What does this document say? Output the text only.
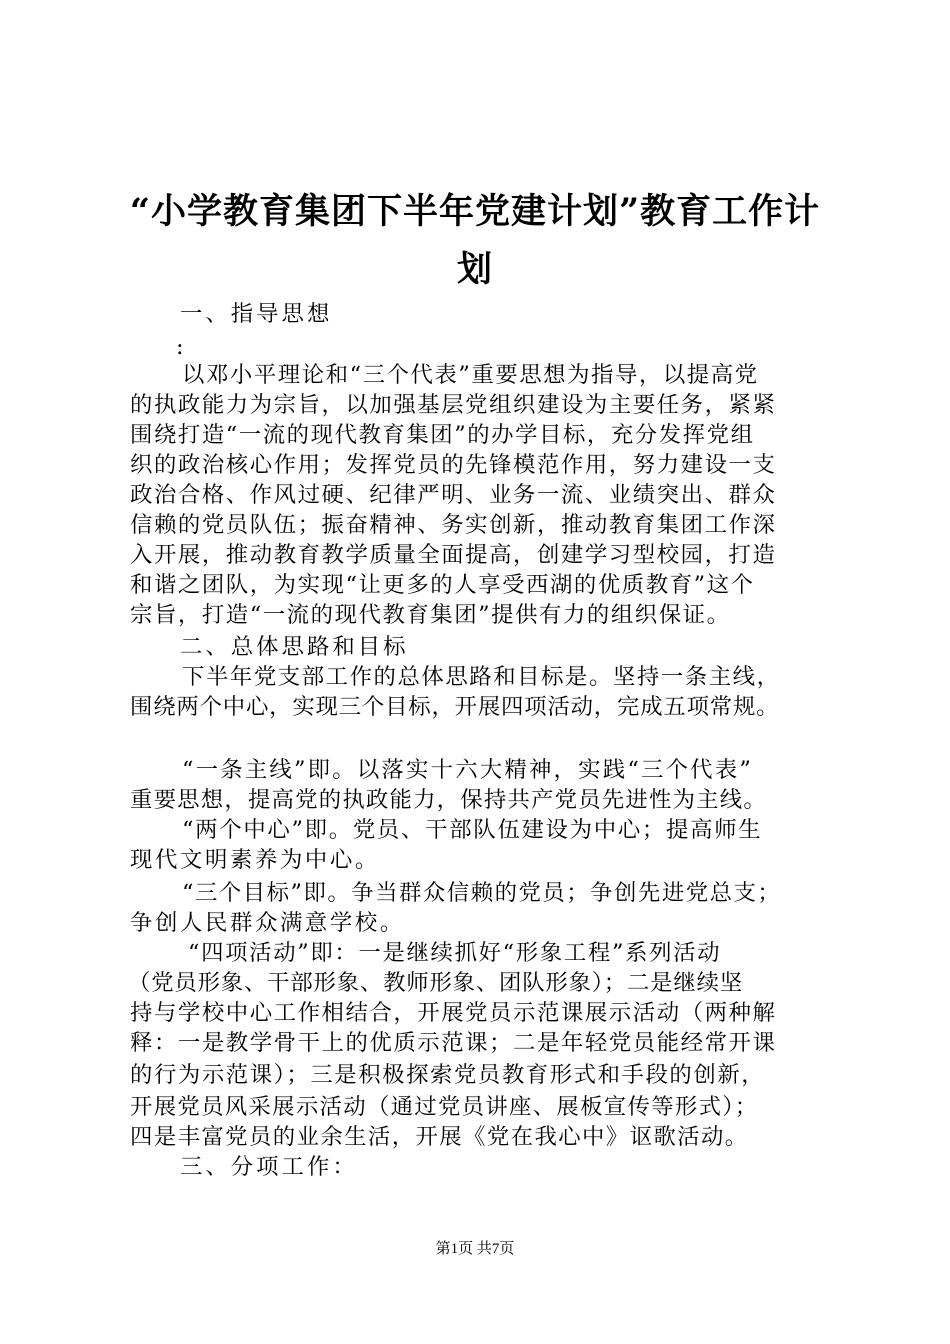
“小学教育集团下半年党建计划”教育工作计
划
一、指导思想
:
以邓小平理论和“三个代表”重要思想为指导，以提高党
的执政能力为宗旨，以加强基层党组织建设为主要任务，紧紧
围绕打造“一流的现代教育集团”的办学目标，充分发挥党组
织的政治核心作用；发挥党员的先锋模范作用，努力建设一支
政治合格、作风过硬、纪律严明、业务一流、业绩突出、群众
信赖的党员队伍；振奋精神、务实创新，推动教育集团工作深
入开展，推动教育教学质量全面提高，创建学习型校园，打造
和谐之团队，为实现“让更多的人享受西湖的优质教育”这个
宗旨，打造“一流的现代教育集团”提供有力的组织保证。
二、总体思路和目标
下半年党支部工作的总体思路和目标是。坚持一条主线，
围绕两个中心，实现三个目标，开展四项活动，完成五项常规。
“一条主线”即。以落实十六大精神，实践“三个代表”
重要思想，提高党的执政能力，保持共产党员先进性为主线。
“两个中心”即。党员、干部队伍建设为中心；提高师生
现代文明素养为中心。
“三个目标”即。争当群众信赖的党员；争创先进党总支；
争创人民群众满意学校。
“四项活动”即：一是继续抓好“形象工程”系列活动
（党员形象、干部形象、教师形象、团队形象）；二是继续坚
持与学校中心工作相结合，开展党员示范课展示活动（两种解
释：一是教学骨干上的优质示范课；二是年轻党员能经常开课
的行为示范课）；三是积极探索党员教育形式和手段的创新，
开展党员风采展示活动（通过党员讲座、展板宣传等形式）；
四是丰富党员的业余生活，开展《党在我心中》讴歌活动。
三、分项工作：
第1页 共7页
